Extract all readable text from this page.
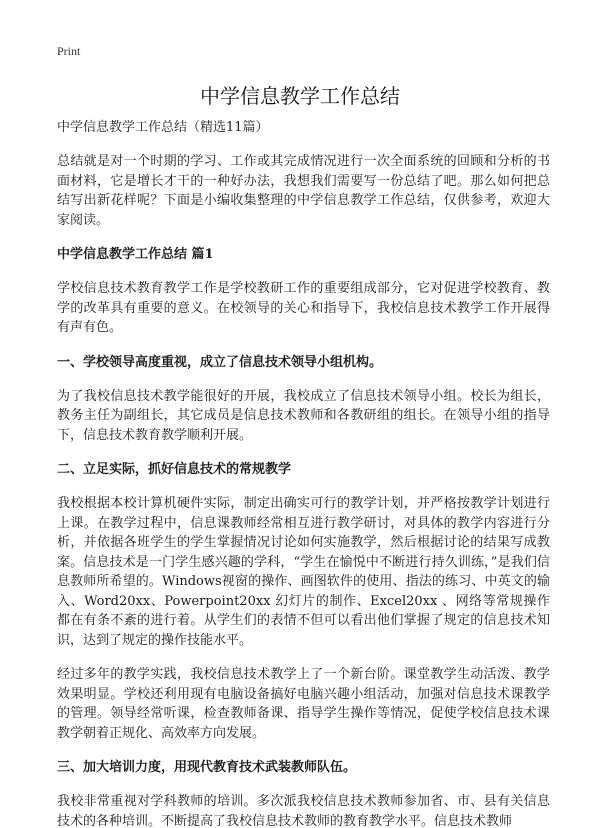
Print
中学信息教学工作总结
中学信息教学工作总结（精选11篇）

总结就是对一个时期的学习、工作或其完成情况进行一次全面系统的回顾和分析的书面材料，它是增长才干的一种好办法，我想我们需要写一份总结了吧。那么如何把总结写出新花样呢？下面是小编收集整理的中学信息教学工作总结，仅供参考，欢迎大家阅读。

中学信息教学工作总结 篇1

学校信息技术教育教学工作是学校教研工作的重要组成部分，它对促进学校教育、教学的改革具有重要的意义。在校领导的关心和指导下，我校信息技术教学工作开展得有声有色。

一、学校领导高度重视，成立了信息技术领导小组机构。

为了我校信息技术教学能很好的开展，我校成立了信息技术领导小组。校长为组长，教务主任为副组长，其它成员是信息技术教师和各教研组的组长。在领导小组的指导下，信息技术教育教学顺利开展。

二、立足实际，抓好信息技术的常规教学

我校根据本校计算机硬件实际，制定出确实可行的教学计划，并严格按教学计划进行上课。在教学过程中，信息课教师经常相互进行教学研讨，对具体的教学内容进行分析，并依据各班学生的学生掌握情况讨论如何实施教学，然后根据讨论的结果写成教案。信息技术是一门学生感兴趣的学科，“学生在愉悦中不断进行持久训练，”是我们信息教师所希望的。Windows视窗的操作、画图软件的使用、指法的练习、中英文的输入、Word20xx、Powerpoint20xx 幻灯片的制作、Excel20xx 、网络等常规操作都在有条不紊的进行着。从学生们的表情不但可以看出他们掌握了规定的信息技术知识，达到了规定的操作技能水平。

经过多年的教学实践，我校信息技术教学上了一个新台阶。课堂教学生动活泼、教学效果明显。学校还利用现有电脑设备搞好电脑兴趣小组活动，加强对信息技术课教学的管理。领导经常听课，检查教师备课、指导学生操作等情况，促使学校信息技术课教学朝着正规化、高效率方向发展。

三、加大培训力度，用现代教育技术武装教师队伍。

我校非常重视对学科教师的培训。多次派我校信息技术教师参加省、市、县有关信息技术的各种培训。不断提高了我校信息技术教师的教育教学水平。信息技术教师
